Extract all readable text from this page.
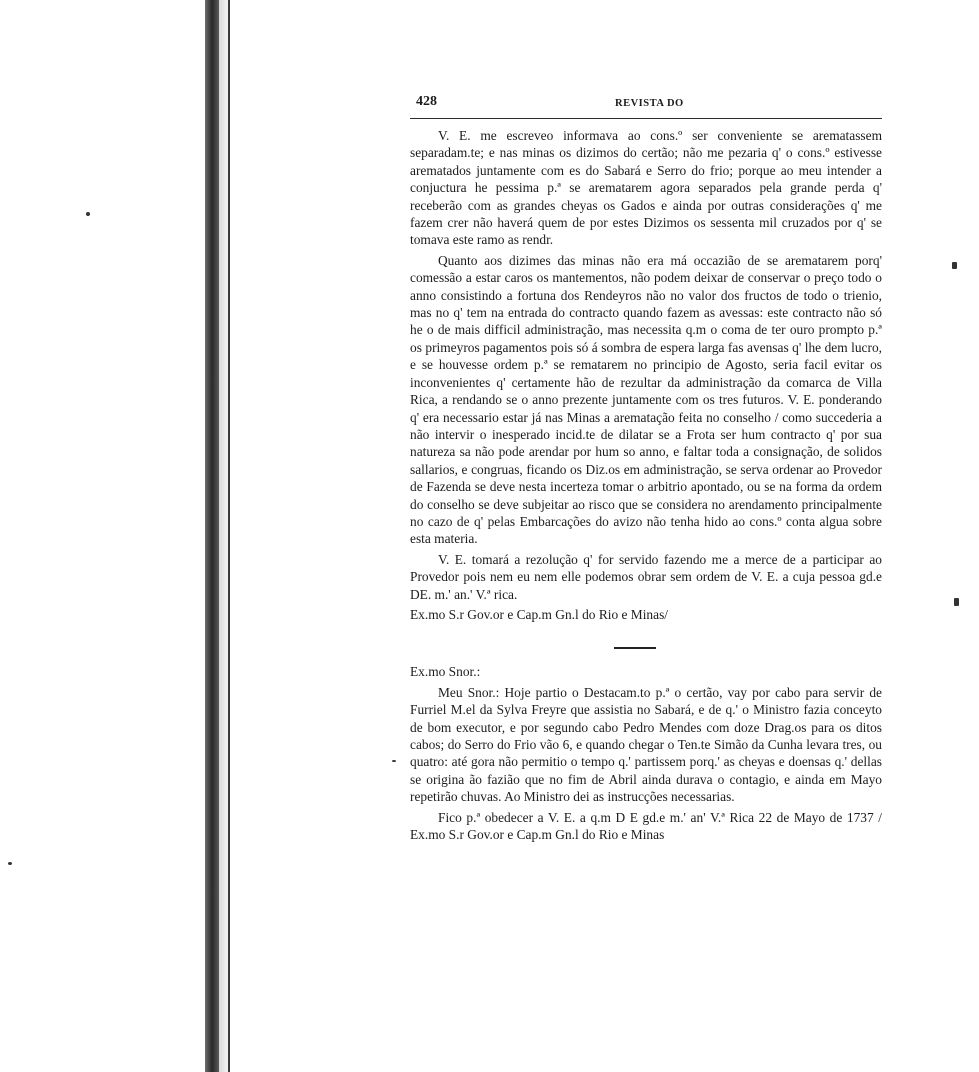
428	REVISTA DO

V. E. me escreveo informava ao cons.º ser conveniente se arematassem separadam.te; e nas minas os dizimos do certão; não me pezaria q' o cons.º estivesse arematados juntamente com es do Sabará e Serro do frio; porque ao meu intender a conjuctura he pessima p.ª se arematarem agora separados pela grande perda q' receberão com as grandes cheyas os Gados e ainda por outras considerações q' me fazem crer não haverá quem de por estes Dizimos os sessenta mil cruzados por q' se tomava este ramo as rendr.

Quanto aos dizimes das minas não era má occazião de se arematarem porq' comessão a estar caros os mantementos, não podem deixar de conservar o preço todo o anno consistindo a fortuna dos Rendeyros não no valor dos fructos de todo o trienio, mas no q' tem na entrada do contracto quando fazem as avessas: este contracto não só he o de mais difficil administração, mas necessita q.m o coma de ter ouro prompto p.ª os primeyros pagamentos pois só á sombra de espera larga fas avensas q' lhe dem lucro, e se houvesse ordem p.ª se rematarem no principio de Agosto, seria facil evitar os inconvenientes q' certamente hão de rezultar da administração da comarca de Villa Rica, a rendando se o anno prezente juntamente com os tres futuros. V. E. ponderando q' era necessario estar já nas Minas a arematação feita no conselho / como succederia a não intervir o inesperado incid.te de dilatar se a Frota ser hum contracto q' por sua natureza sa não pode arendar por hum so anno, e faltar toda a consignação, de solidos sallarios, e congruas, ficando os Diz.os em administração, se serva ordenar ao Provedor de Fazenda se deve nesta incerteza tomar o arbitrio apontado, ou se na forma da ordem do conselho se deve subjeitar ao risco que se considera no arendamento principalmente no cazo de q' pelas Embarcações do avizo não tenha hido ao cons.º conta algua sobre esta materia.

V. E. tomará a rezolução q' for servido fazendo me a merce de a participar ao Provedor pois nem eu nem elle podemos obrar sem ordem de V. E. a cuja pessoa gd.e DE. m.' an.' V.ª rica.

Ex.mo S.r Gov.or e Cap.m Gn.l do Rio e Minas/

Ex.mo Snor.:

Meu Snor.: Hoje partio o Destacam.to p.ª o certão, vay por cabo para servir de Furriel M.el da Sylva Freyre que assistia no Sabará, e de q.' o Ministro fazia conceyto de bom executor, e por segundo cabo Pedro Mendes com doze Drag.os para os ditos cabos; do Serro do Frio vão 6, e quando chegar o Ten.te Simão da Cunha levara tres, ou quatro: até gora não permitio o tempo q.' partissem porq.' as cheyas e doensas q.' dellas se origina ão fazião que no fim de Abril ainda durava o contagio, e ainda em Mayo repetirão chuvas. Ao Ministro dei as instrucções necessarias.

Fico p.ª obedecer a V. E. a q.m D E gd.e m.' an' V.ª Rica 22 de Mayo de 1737 / Ex.mo S.r Gov.or e Cap.m Gn.l do Rio e Minas
